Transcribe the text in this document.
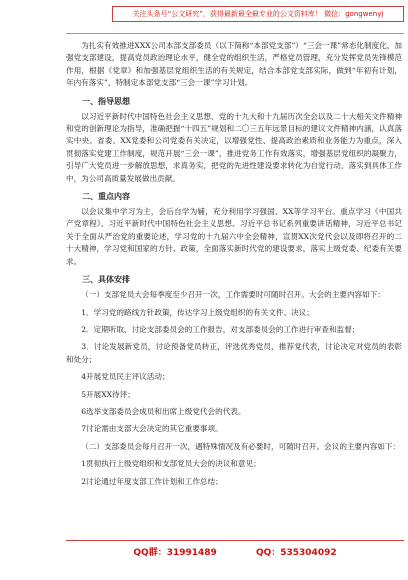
关注头条号“公文研究”，获得最新最全最专业的公文资料库！ 微信：gongwenyj

为扎实有效推进XXX公司本部支部委员（以下简称“本部党支部”）“三会一课”常态化制度化，加强党支部建设，提高党员政治理论水平，健全党的组织生活，严格党员管理，充分发挥党员先锋模范作用，根据《党章》和加强基层党组织生活的有关规定，结合本部党支部实际，做到“年初有计划，年内有落实”，特制定本部党支部“三会一课”学习计划。

一、指导思想

以习近平新时代中国特色社会主义思想、党的十九大和十九届历次全会以及二十大相关文件精神和党的创新理论为指导，准确把握“十四五”规划和二〇三五年远景目标的建议文件精神内涵，认真落实中央、省委、XX党委和公司党委有关决定，以增强党性、提高政治素质和业务能力为重点，深入贯彻落实党建工作制度，规范开展“三会一课”，推进党务工作有效落实，增强基层党组织的凝聚力，引导广大党员进一步解放思想，求真务实，把党的先进性建设要求转化为自觉行动，落实到具体工作中，为公司高质量发展做出贡献。

二、重点内容

以会议集中学习为主，会后自学为辅，充分利用学习强国、XX等学习平台。重点学习《中国共产党章程》、习近平新时代中国特色社会主义思想、习近平总书记系列重要讲话精神，习近平总书记关于全面从严治党的重要论述，学习党的十九届六中全会精神，宣贯XX次党代会以及即将召开的二十大精神，学习党和国家的方针、政策，全面落实新时代党的建设要求，落实上级党委、纪委有关要求。

三、具体安排

（一）支部党员大会每季度至少召开一次，工作需要时可随时召开。大会的主要内容如下：

1．学习党的路线方针政策，传达学习上级党组织的有关文件、决议；

2．定期听取、讨论支部委员会的工作报告，对支部委员会的工作进行审查和监督；

3．讨论发展新党员，讨论预备党员转正，评选优秀党员，推荐党代表，讨论决定对党员的表彰和处分；

4开展党员民主评议活动；

5开展XX待评；

6选举支部委员会成员和出席上级党代会的代表。

7讨论需由支部大会决定的其它重要事项。

（二）支部委员会每月召开一次，遇特殊情况及有必要时，可随时召开。会议的主要内容如下：

1贯彻执行上级党组织和支部党员大会的决议和意见；

2讨论通过年度支部工作计划和工作总结；

QQ群：31991489	QQ：535304092
